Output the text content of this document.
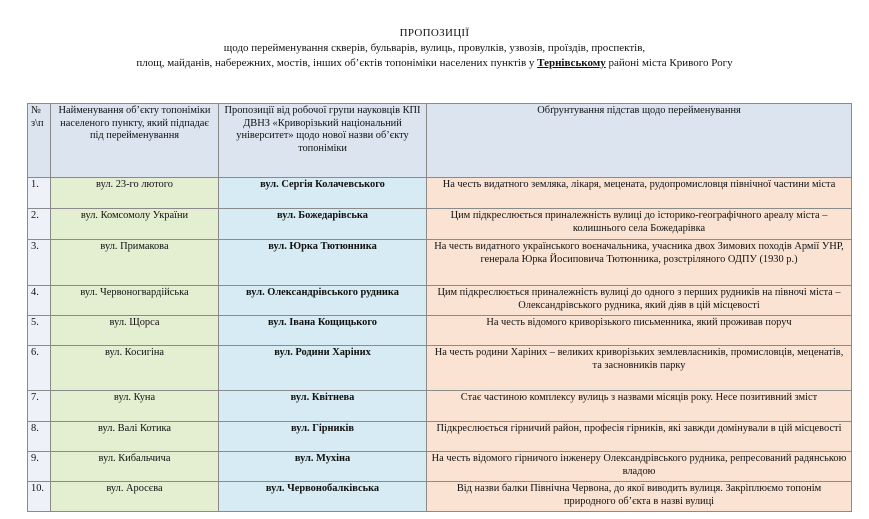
ПРОПОЗИЦІЇ
щодо перейменування скверів, бульварів, вулиць, провулків, узвозів, проїздів, проспектів,
площ, майданів, набережних, мостів, інших об’єктів топоніміки населених пунктів у Тернівському районі міста Кривого Рогу
№ з\п	Найменування об’єкту топоніміки населеного пункту, який підпадає під перейменування	Пропозиції від робочої групи науковців КПІ ДВНЗ «Криворізький національний університет» щодо нової назви об’єкту топоніміки	Обґрунтування підстав щодо перейменування
1.	вул. 23-го лютого	вул. Сергія Колачевського	На честь видатного земляка, лікаря, мецената, рудопромисловця північної частини міста
2.	вул. Комсомолу України	вул. Божедарівська	Цим підкреслюється приналежність вулиці до історико-географічного ареалу міста – колишнього села Божедарівка
3.	вул. Примакова	вул. Юрка Тютюнника	На честь видатного українського воєначальника, учасника двох Зимових походів Армії УНР, генерала Юрка Йосиповича Тютюнника, розстріляного ОДПУ (1930 р.)
4.	вул. Червоногвардійська	вул. Олександрівського рудника	Цим підкреслюється приналежність вулиці до одного з перших рудників на півночі міста – Олександрівського рудника, який діяв в цій місцевості
5.	вул. Щорса	вул. Івана Кощицького	На честь відомого криворізького письменника, який проживав поруч
6.	вул. Косигіна	вул. Родини Харіних	На честь родини Харіних – великих криворізьких землевласників, промисловців, меценатів, та засновників парку
7.	вул. Куна	вул. Квітнева	Стає частиною комплексу вулиць з назвами місяців року. Несе позитивний зміст
8.	вул. Валі Котика	вул. Гірників	Підкреслюється гірничий район, професія гірників, які завжди домінували в цій місцевості
9.	вул. Кибальчича	вул. Мухіна	На честь відомого гірничого інженеру Олександрівського рудника, репресований радянською владою
10.	вул. Аросєва	вул. Червонобалківська	Від назви балки Північна Червона, до якої виводить вулиця. Закріплюємо топонім природного об’єкта в назві вулиці
